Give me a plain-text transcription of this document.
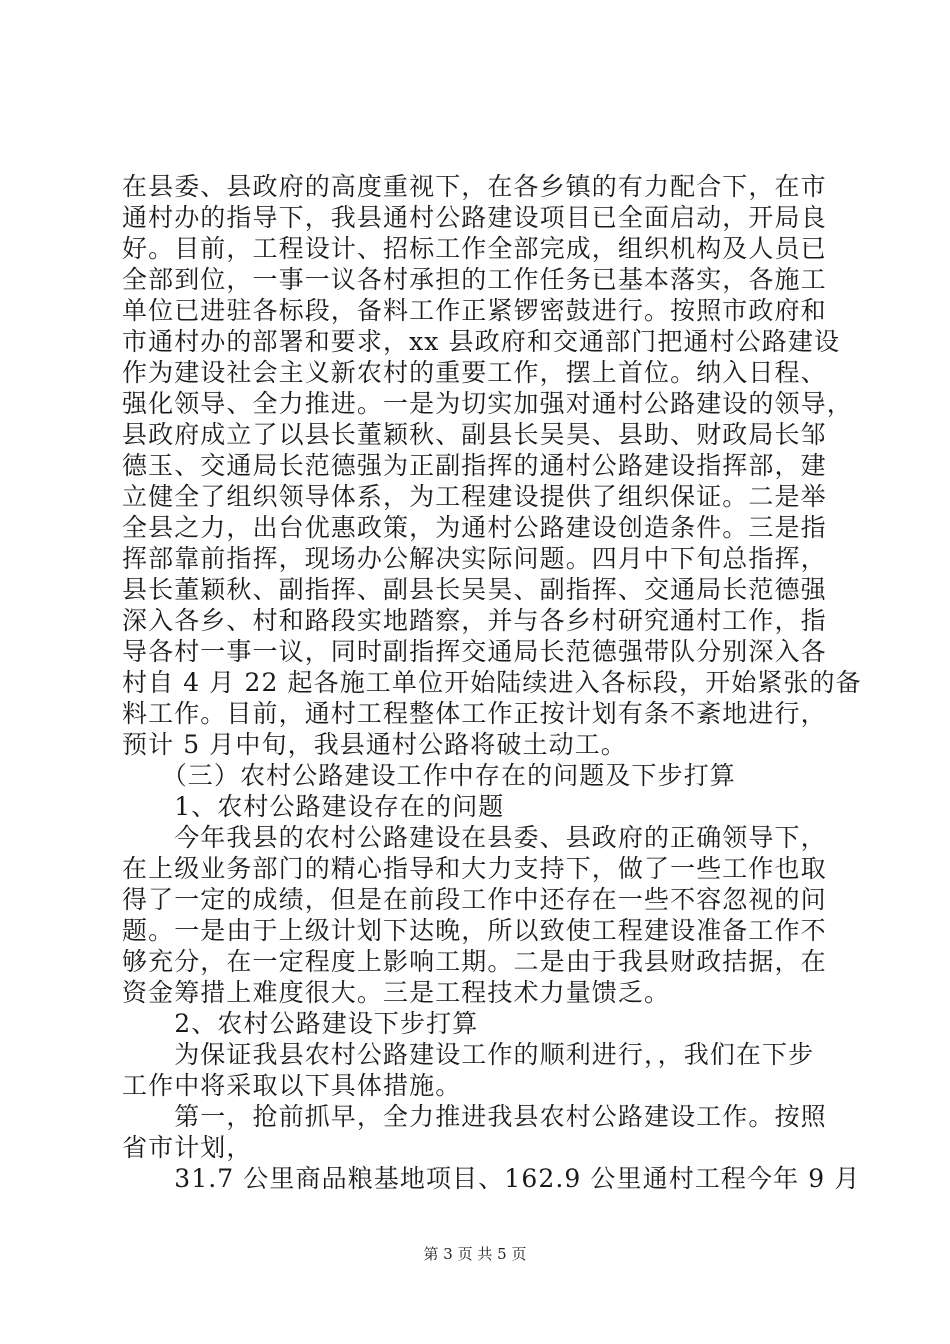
在县委、县政府的高度重视下，在各乡镇的有力配合下，在市
通村办的指导下，我县通村公路建设项目已全面启动，开局良
好。目前，工程设计、招标工作全部完成，组织机构及人员已
全部到位，一事一议各村承担的工作任务已基本落实，各施工
单位已进驻各标段，备料工作正紧锣密鼓进行。按照市政府和
市通村办的部署和要求，xx 县政府和交通部门把通村公路建设
作为建设社会主义新农村的重要工作，摆上首位。纳入日程、
强化领导、全力推进。一是为切实加强对通村公路建设的领导，
县政府成立了以县长董颖秋、副县长吴昊、县助、财政局长邹
德玉、交通局长范德强为正副指挥的通村公路建设指挥部，建
立健全了组织领导体系，为工程建设提供了组织保证。二是举
全县之力，出台优惠政策，为通村公路建设创造条件。三是指
挥部靠前指挥，现场办公解决实际问题。四月中下旬总指挥，
县长董颖秋、副指挥、副县长吴昊、副指挥、交通局长范德强
深入各乡、村和路段实地踏察，并与各乡村研究通村工作，指
导各村一事一议，同时副指挥交通局长范德强带队分别深入各
村自 4 月 22 起各施工单位开始陆续进入各标段，开始紧张的备
料工作。目前，通村工程整体工作正按计划有条不紊地进行，
预计 5 月中旬，我县通村公路将破土动工。
　　（三）农村公路建设工作中存在的问题及下步打算
　　1、农村公路建设存在的问题
　　今年我县的农村公路建设在县委、县政府的正确领导下，
在上级业务部门的精心指导和大力支持下，做了一些工作也取
得了一定的成绩，但是在前段工作中还存在一些不容忽视的问
题。一是由于上级计划下达晚，所以致使工程建设准备工作不
够充分，在一定程度上影响工期。二是由于我县财政拮据，在
资金筹措上难度很大。三是工程技术力量馈乏。
　　2、农村公路建设下步打算
　　为保证我县农村公路建设工作的顺利进行，，我们在下步
工作中将采取以下具体措施。
　　第一，抢前抓早，全力推进我县农村公路建设工作。按照
省市计划，
　　31.7 公里商品粮基地项目、162.9 公里通村工程今年 9 月
第 3 页 共 5 页
